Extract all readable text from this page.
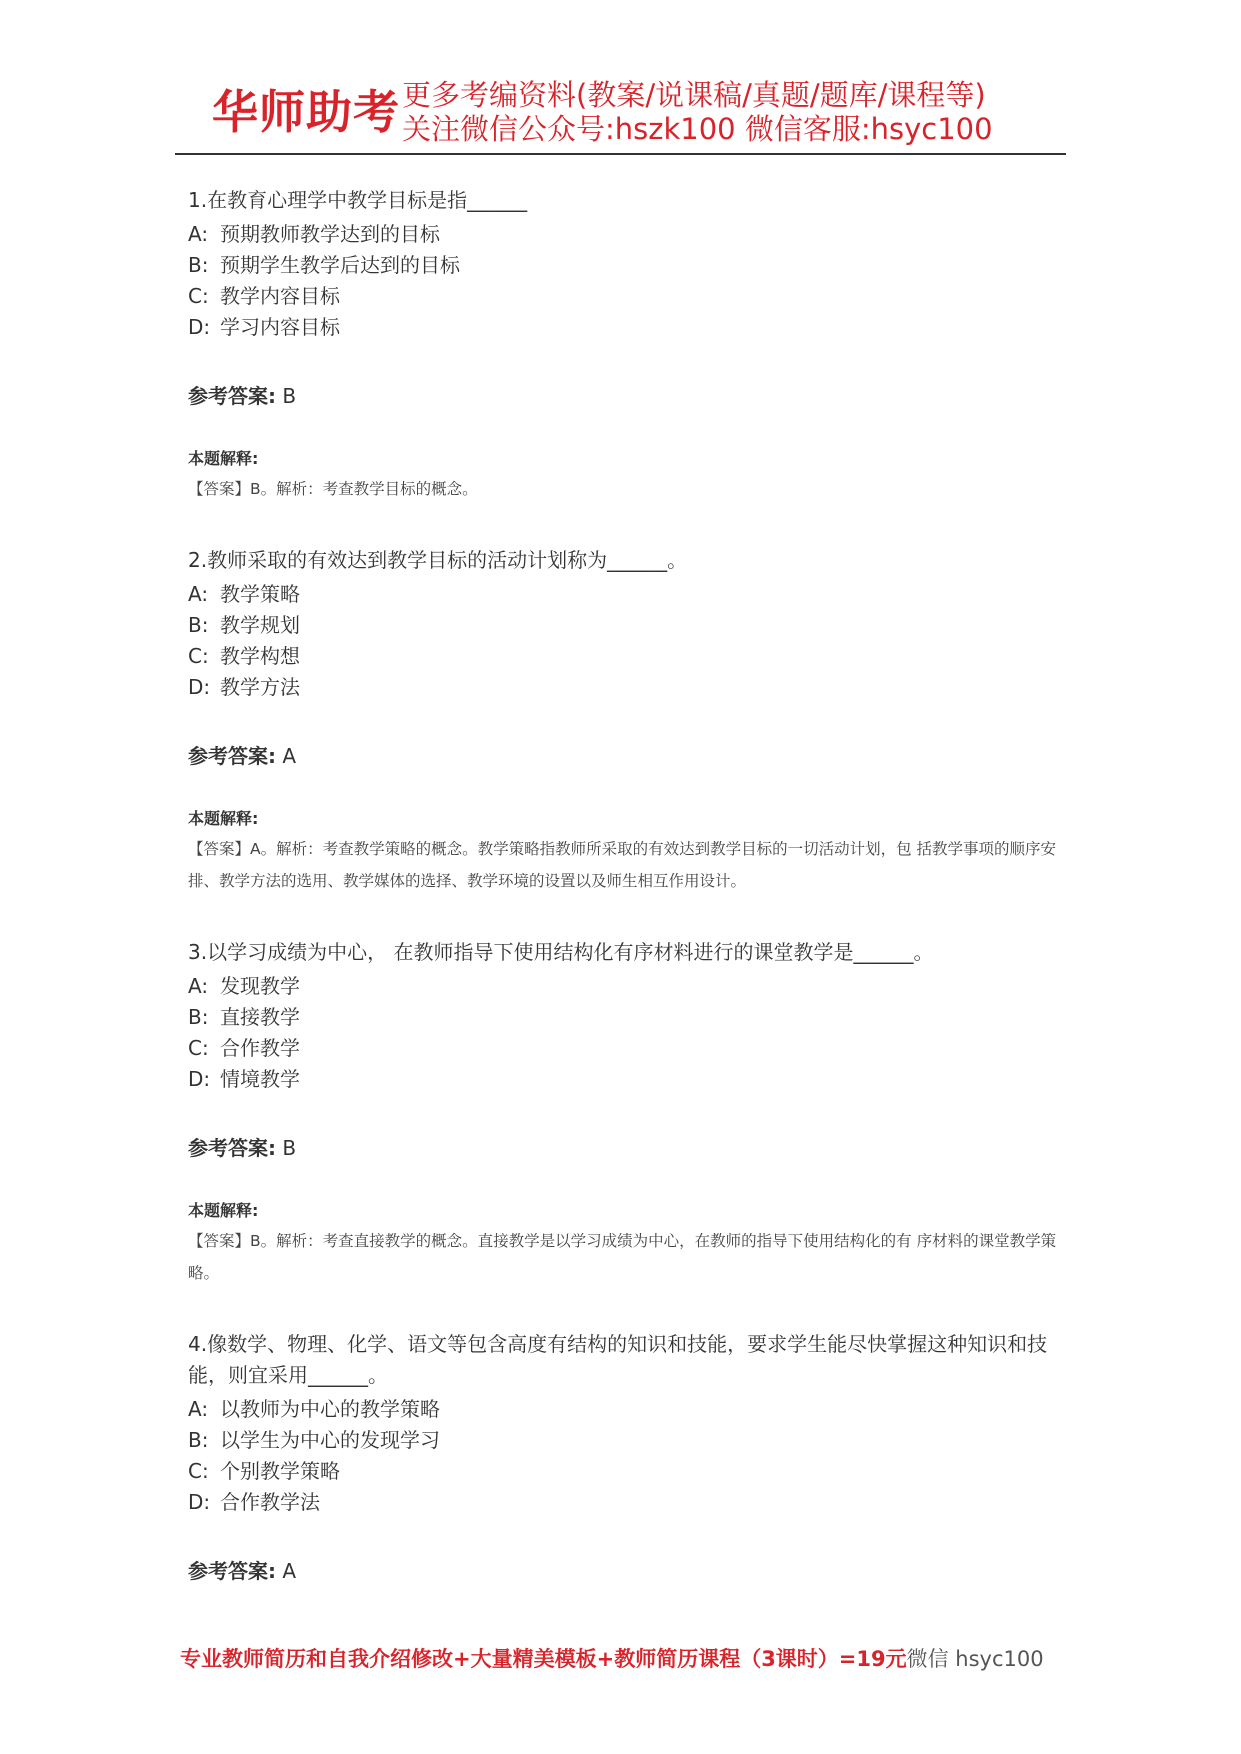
华师助考 更多考编资料(教案/说课稿/真题/题库/课程等)
关注微信公众号:hszk100 微信客服:hsyc100
1.在教育心理学中教学目标是指______
A: 预期教师教学达到的目标
B: 预期学生教学后达到的目标
C: 教学内容目标
D: 学习内容目标
参考答案: B
本题解释:
【答案】B。解析：考查教学目标的概念。
2.教师采取的有效达到教学目标的活动计划称为______。
A: 教学策略
B: 教学规划
C: 教学构想
D: 教学方法
参考答案: A
本题解释:
【答案】A。解析：考查教学策略的概念。教学策略指教师所采取的有效达到教学目标的一切活动计划，包 括教学事项的顺序安排、教学方法的选用、教学媒体的选择、教学环境的设置以及师生相互作用设计。
3.以学习成绩为中心， 在教师指导下使用结构化有序材料进行的课堂教学是______。
A: 发现教学
B: 直接教学
C: 合作教学
D: 情境教学
参考答案: B
本题解释:
【答案】B。解析：考查直接教学的概念。直接教学是以学习成绩为中心，在教师的指导下使用结构化的有 序材料的课堂教学策略。
4.像数学、物理、化学、语文等包含高度有结构的知识和技能，要求学生能尽快掌握这种知识和技能，则宜采用______。
A: 以教师为中心的教学策略
B: 以学生为中心的发现学习
C: 个别教学策略
D: 合作教学法
参考答案: A
专业教师简历和自我介绍修改+大量精美模板+教师简历课程（3课时）=19元微信 hsyc100
